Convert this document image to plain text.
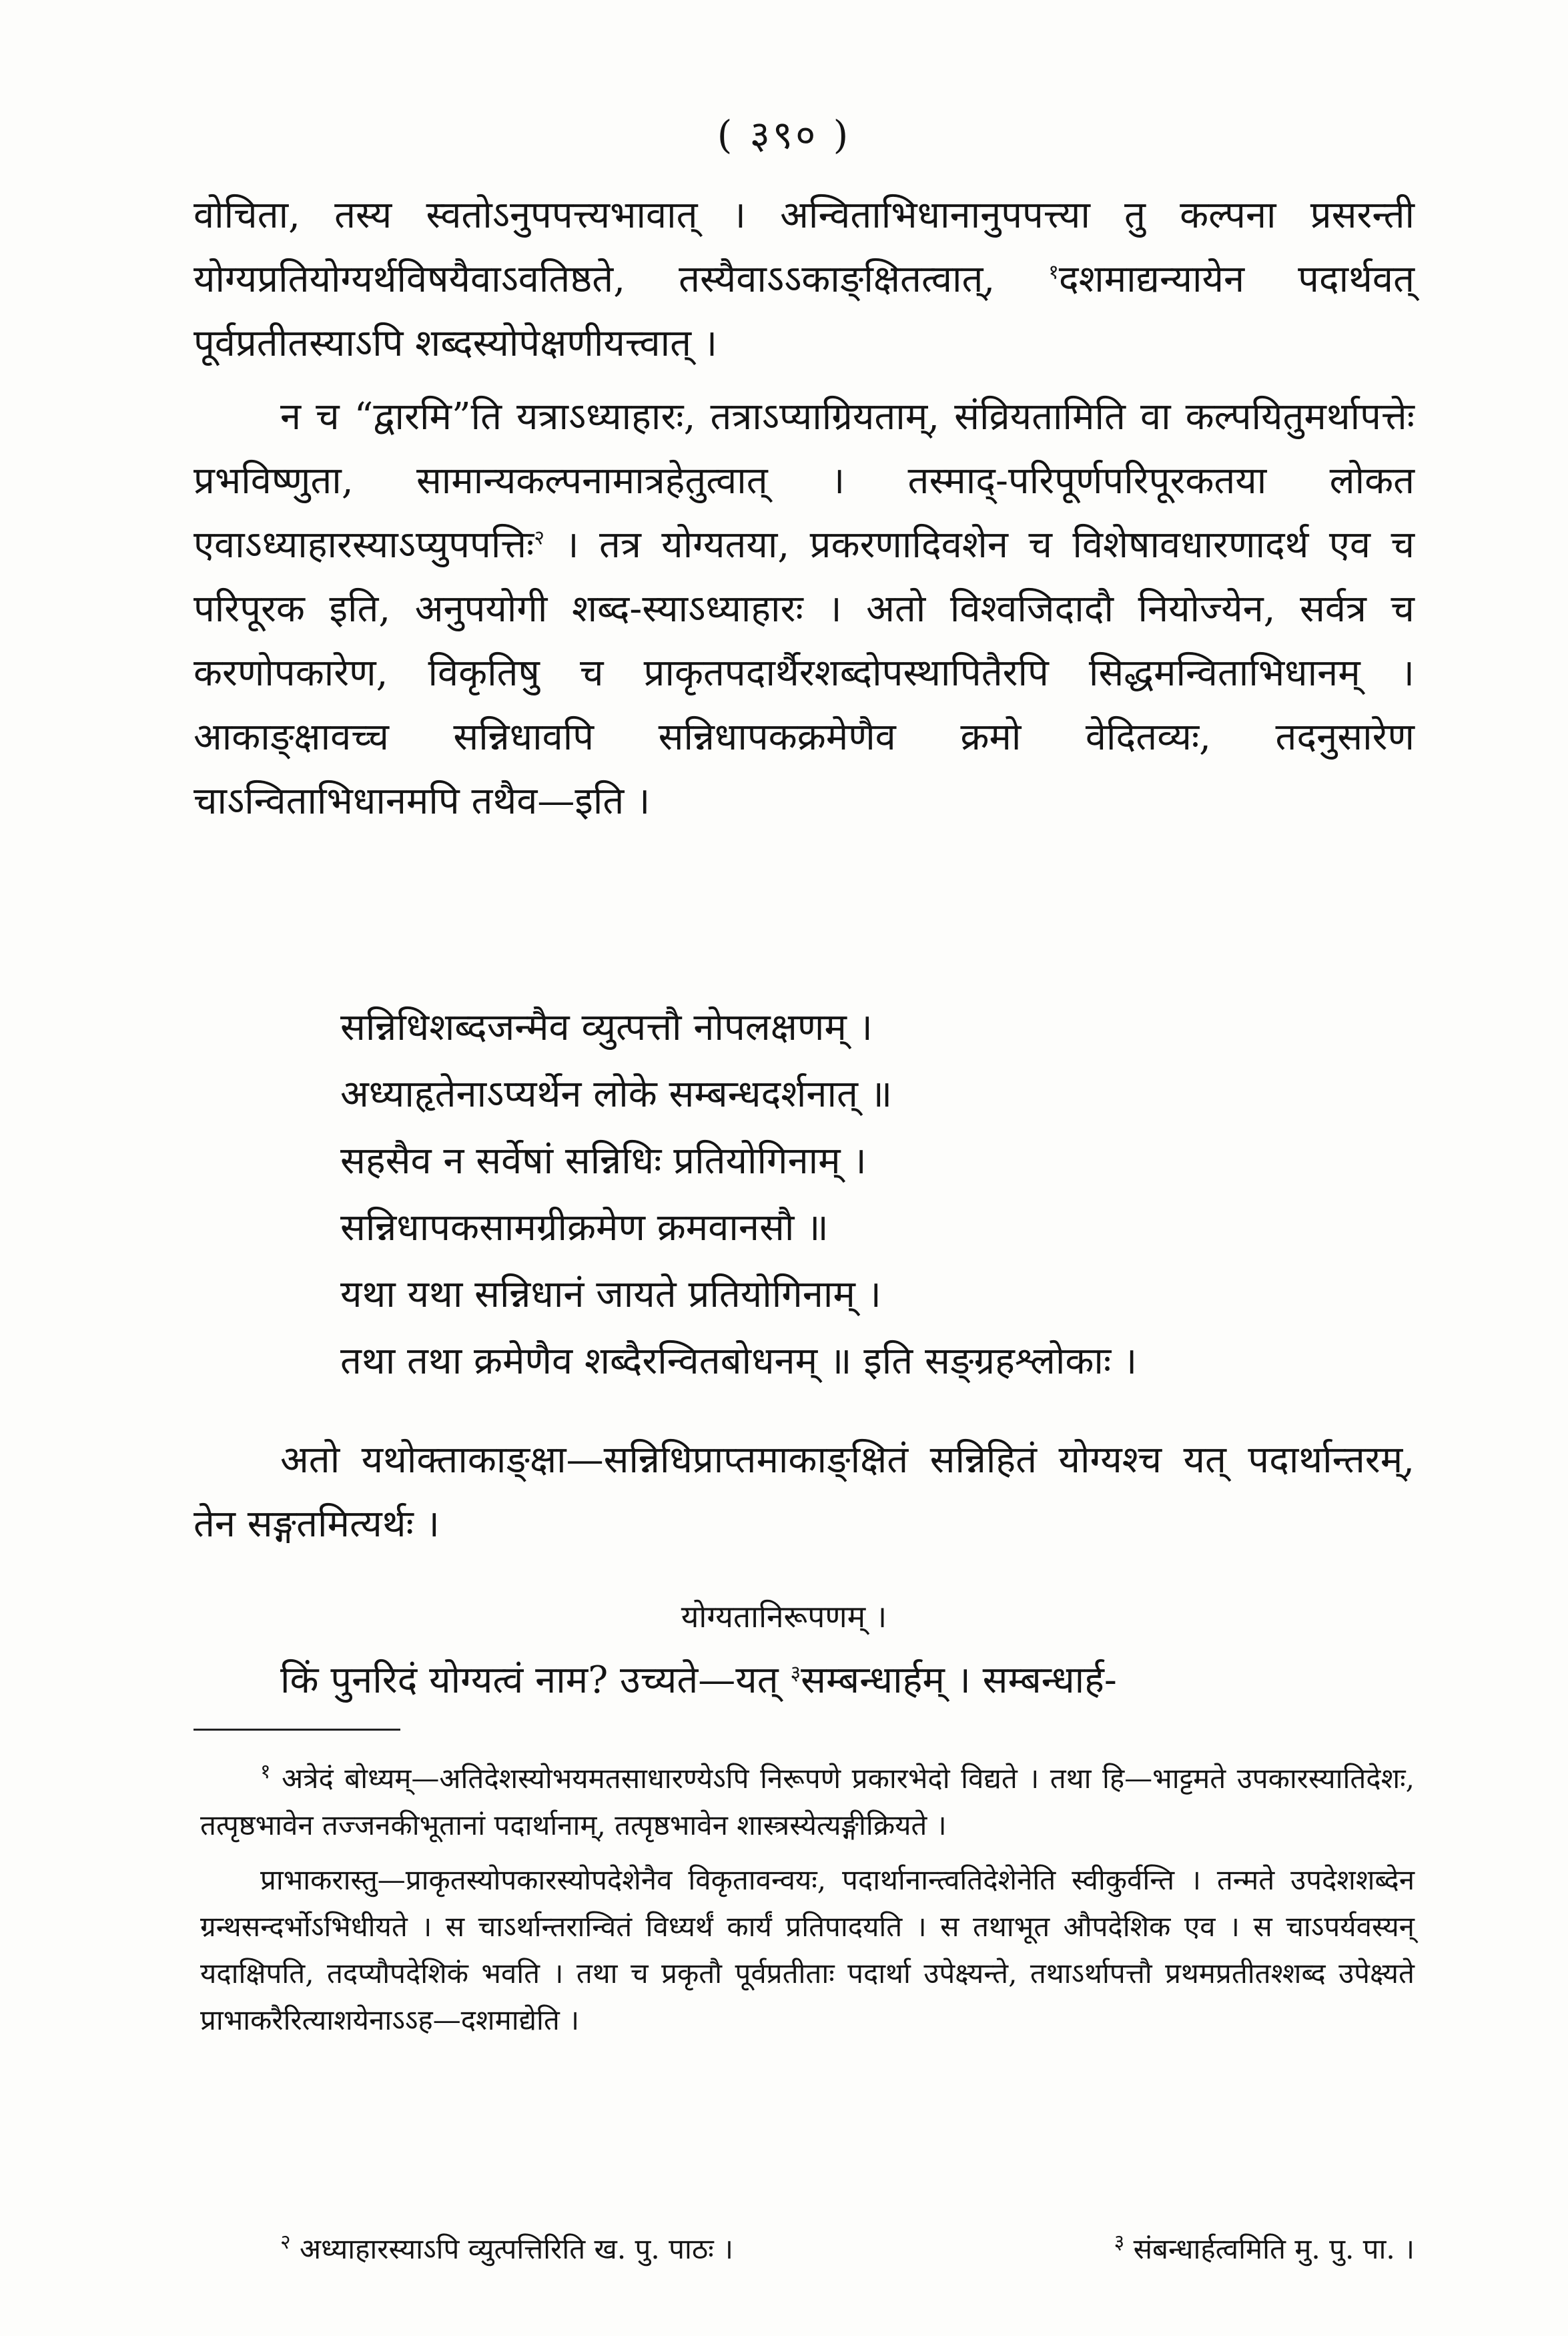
( ३९० )

वोचिता, तस्य स्वतोऽनुपपत्त्यभावात् । अन्विताभिधानानुपपत्त्या तु कल्पना प्रसरन्ती योग्यप्रतियोग्यर्थविषयैवाऽवतिष्ठते, तस्यैवाऽऽकाङ्क्षितत्वात्,	$^१$दशमाद्यन्यायेन पदार्थवत् पूर्वप्रतीतस्याऽपि शब्दस्योपेक्षणीयत्त्वात् ।

न च “द्वारमि”ति यत्राऽध्याहारः, तत्राऽप्याग्रियताम्, संव्रियतामिति वा कल्पयितुमर्थापत्तेः प्रभविष्णुता, सामान्यकल्पनामात्रहेतुत्वात् । तस्माद्-परिपूर्णपरिपूरकतया लोकत एवाऽध्याहारस्याऽप्युपपत्तिः$^२$ । तत्र योग्यतया, प्रकरणादिवशेन च विशेषावधारणादर्थ एव च परिपूरक इति, अनुपयोगी शब्द-स्याऽध्याहारः । अतो विश्वजिदादौ नियोज्येन, सर्वत्र च करणोपकारेण, विकृतिषु च प्राकृतपदार्थैरशब्दोपस्थापितैरपि सिद्धमन्विताभिधानम् । आकाङ्क्षावच्च सन्निधावपि सन्निधापकक्रमेणैव क्रमो वेदितव्यः, तदनुसारेण चाऽन्विताभिधानमपि तथैव—इति ।

सन्निधिशब्दजन्मैव व्युत्पत्तौ नोपलक्षणम् ।

अध्याहृतेनाऽप्यर्थेन लोके सम्बन्धदर्शनात् ॥

सहसैव न सर्वेषां सन्निधिः प्रतियोगिनाम् ।

सन्निधापकसामग्रीक्रमेण क्रमवानसौ ॥

यथा यथा सन्निधानं जायते प्रतियोगिनाम् ।

तथा तथा क्रमेणैव शब्दैरन्वितबोधनम् ॥ इति सङ्ग्रहश्लोकाः ।

अतो यथोक्ताकाङ्क्षा—सन्निधिप्राप्तमाकाङ्क्षितं सन्निहितं योग्यश्च यत् पदार्थान्तरम्, तेन सङ्गतमित्यर्थः ।

योग्यतानिरूपणम् ।

किं पुनरिदं योग्यत्वं नाम? उच्यते—यत् $^३$सम्बन्धार्हम् । सम्बन्धार्ह-

$^१$ अत्रेदं बोध्यम्—अतिदेशस्योभयमतसाधारण्येऽपि निरूपणे प्रकारभेदो विद्यते । तथा हि—भाट्टमते उपकारस्यातिदेशः, तत्पृष्ठभावेन तज्जनकीभूतानां पदार्थानाम्, तत्पृष्ठभावेन शास्त्रस्येत्यङ्गीक्रियते ।

प्राभाकरास्तु—प्राकृतस्योपकारस्योपदेशेनैव विकृतावन्वयः, पदार्थानान्त्वतिदेशेनेति स्वीकुर्वन्ति । तन्मते उपदेशशब्देन ग्रन्थसन्दर्भोऽभिधीयते । स चाऽर्थान्तरान्वितं विध्यर्थं कार्यं प्रतिपादयति । स तथाभूत औपदेशिक एव । स चाऽपर्यवस्यन् यदाक्षिपति, तदप्यौपदेशिकं भवति । तथा च प्रकृतौ पूर्वप्रतीताः पदार्था उपेक्ष्यन्ते, तथाऽर्थापत्तौ प्रथमप्रतीतश्शब्द उपेक्ष्यते प्राभाकरैरित्याशयेनाऽऽह—दशमाद्येति ।

$^२$ अध्याहारस्याऽपि व्युत्पत्तिरिति ख. पु. पाठः ।	$^३$ संबन्धार्हत्वमिति मु. पु. पा. ।
